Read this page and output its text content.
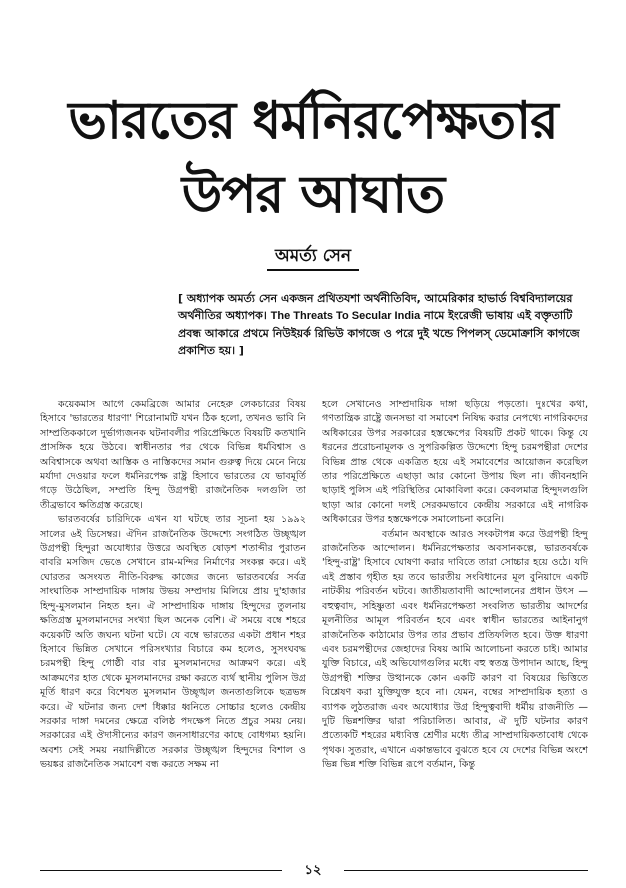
ভারতের ধর্মনিরপেক্ষতার
উপর আঘাত
অমর্ত্য সেন
[ অধ্যাপক অমর্ত্য সেন একজন প্রথিতযশা অর্থনীতিবিদ, আমেরিকার হাভার্ড বিশ্ববিদ্যালয়ের অর্থনীতির অধ্যাপক। The Threats To Secular India নামে ইংরেজী ভাষায় এই বক্তৃতাটি প্রবন্ধ আকারে প্রথমে নিউইয়র্ক রিভিউ কাগজে ও পরে দুই খন্ডে পিপলস্ ডেমোক্রাসি কাগজে প্রকাশিত হয়। ]

কয়েকমাস আগে কেমব্রিজে আমার নেহেরু লেকচারের বিষয় হিসাবে 'ভারতের ধারণা' শিরোনামটি যখন ঠিক হলো, তখনও ভাবি নি সাম্প্রতিককালে দুর্ভাগ্যজনক ঘটনাবলীর পরিপ্রেক্ষিতে বিষয়টি কতখানি প্রাসঙ্গিক হয়ে উঠবে। স্বাধীনতার পর থেকে বিভিন্ন ধর্মবিশ্বাস ও অবিশ্বাসকে অথবা আস্তিক ও নাস্তিকদের সমান গুরুত্ব দিয়ে মেনে নিয়ে মর্যাদা দেওয়ার ফলে ধর্মনিরপেক্ষ রাষ্ট্র হিসাবে ভারতের যে ভাবমূর্তি গড়ে উঠেছিল, সম্প্রতি হিন্দু উগ্রপন্থী রাজনৈতিক দলগুলি তা তীব্রভাবে ক্ষতিগ্রস্ত করেছে।

ভারতবর্ষের চারিদিকে এখন যা ঘটছে তার সূচনা হয় ১৯৯২ সালের ৬ই ডিসেম্বর। ঐদিন রাজনৈতিক উদ্দেশ্যে সংগঠিত উচ্ছৃঙ্খল উগ্রপন্থী হিন্দুরা অযোধ্যার উত্তরে অবস্থিত ষোড়শ শতাব্দীর পুরাতন বাবরি মসজিদ ভেঙে সেখানে রাম-মন্দির নির্মাণের সংকল্প করে। এই ঘোরতর অসংযত নীতি-বিরুদ্ধ কাজের জন্যে ভারতবর্ষের সর্বত্র সাংঘাতিক সাম্প্রদায়িক দাঙ্গায় উভয় সম্প্রদায় মিলিয়ে প্রায় দু'হাজার হিন্দু-মুসলমান নিহত হন। ঐ সাম্প্রদায়িক দাঙ্গায় হিন্দুদের তুলনায় ক্ষতিগ্রস্ত মুসলমানদের সংখ্যা ছিল অনেক বেশি। ঐ সময়ে বম্বে শহরে কয়েকটি অতি জঘন্য ঘটনা ঘটে। যে বম্বে ভারতের একটা প্রধান শহর হিসাবে ভিন্নিত সেখানে পরিসংখ্যার বিচারে কম হলেও, সুসংঘবদ্ধ চরমপন্থী হিন্দু গোষ্ঠী বার বার মুসলমানদের আক্রমণ করে। এই আক্রমণের হাত থেকে মুসলমানদের রক্ষা করতে ব্যর্থ স্থানীয় পুলিস উগ্র মূর্তি ধারণ করে বিশেষত মুসলমান উচ্ছৃঙ্খল জনতাগুলিকে ছত্রভঙ্গ করে। ঐ ঘটনার জন্য দেশ ধিক্কার ধ্বনিতে সোচ্চার হলেও কেন্দ্রীয় সরকার দাঙ্গা দমনের ক্ষেত্রে বলিষ্ঠ পদক্ষেপ নিতে প্রচুর সময় নেয়। সরকারের এই ঔদাসীন্যের কারণ জনসাধারণের কাছে বোধগম্য হয়নি। অবশ্য সেই সময় নয়াদিল্লীতে সরকার উচ্ছৃঙ্খল হিন্দুদের বিশাল ও ভয়ঙ্কর রাজনৈতিক সমাবেশ বন্ধ করতে সক্ষম না

হলে সেখানেও সাম্প্রদায়িক দাঙ্গা ছড়িয়ে পড়তো। দুঃখের কথা, গণতান্ত্রিক রাষ্ট্রে জনসভা বা সমাবেশ নিষিদ্ধ করার নেপথ্যে নাগরিকদের অধিকারের উপর সরকারের হস্তক্ষেপের বিষয়টি প্রকট থাকে। কিন্তু যে ধরনের প্ররোচনামূলক ও সুপরিকল্পিত উদ্দেশ্যে হিন্দু চরমপন্থীরা দেশের বিভিন্ন প্রান্ত থেকে একত্রিত হয়ে এই সমাবেশের আয়োজন করেছিল তার পরিপ্রেক্ষিতে এছাড়া আর কোনো উপায় ছিল না। জীবনহানি ছাড়াই পুলিস এই পরিস্থিতির মোকাবিলা করে। কেবলমাত্র হিন্দুদলগুলি ছাড়া আর কোনো দলই সেরকমভাবে কেন্দ্রীয় সরকারে এই নাগরিক অধিকারের উপর হস্তক্ষেপকে সমালোচনা করেনি।

বর্তমান অবস্থাকে আরও সংকটাপন্ন করে উগ্রপন্থী হিন্দু রাজনৈতিক আন্দোলন। ধর্মনিরপেক্ষতার অবসানকল্পে, ভারতবর্ষকে 'হিন্দু-রাষ্ট্র' হিসাবে ঘোষণা করার দাবিতে তারা সোচ্চার হয়ে ওঠে। যদি এই প্রস্তাব গৃহীত হয় তবে ভারতীয় সংবিধানের মূল বুনিয়াদে একটি নাটকীয় পরিবর্তন ঘটবে। জাতীয়তাবাদী আন্দোলনের প্রধান উৎস — বহুত্ববাদ, সহিষ্ণুতা এবং ধর্মনিরপেক্ষতা সংবলিত ভারতীয় আদর্শের মূলনীতির আমূল পরিবর্তন হবে এবং স্বাধীন ভারতের আইনানুগ রাজনৈতিক কাঠামোর উপর তার প্রভাব প্রতিফলিত হবে। উক্ত ধারণা এবং চরমপন্থীদের জেহাদের বিষয় আমি আলোচনা করতে চাই। আমার যুক্তি বিচারে, এই অভিযোগগুলির মধ্যে বহু স্বতন্ত্র উপাদান আছে, হিন্দু উগ্রপন্থী শক্তির উত্থানকে কোন একটি কারণ বা বিষয়ের ভিত্তিতে বিশ্লেষণ করা যুক্তিযুক্ত হবে না। যেমন, বম্বের সাম্প্রদায়িক হত্যা ও ব্যাপক লুঠতরাজ এবং অযোধ্যার উগ্র হিন্দুত্ববাদী ধর্মীয় রাজনীতি — দুটি ভিন্নশক্তির দ্বারা পরিচালিত। আবার, ঐ দুটি ঘটনার কারণ প্রত্যেকটি শহরের মধ্যবিত্ত শ্রেণীর মধ্যে তীব্র সাম্প্রদায়িকতাবোধ থেকে পৃথক। সুতরাং, এখানে একান্তভাবে বুঝতে হবে যে দেশের বিভিন্ন অংশে ভিন্ন ভিন্ন শক্তি বিভিন্ন রূপে বর্তমান, কিন্তু

১২
